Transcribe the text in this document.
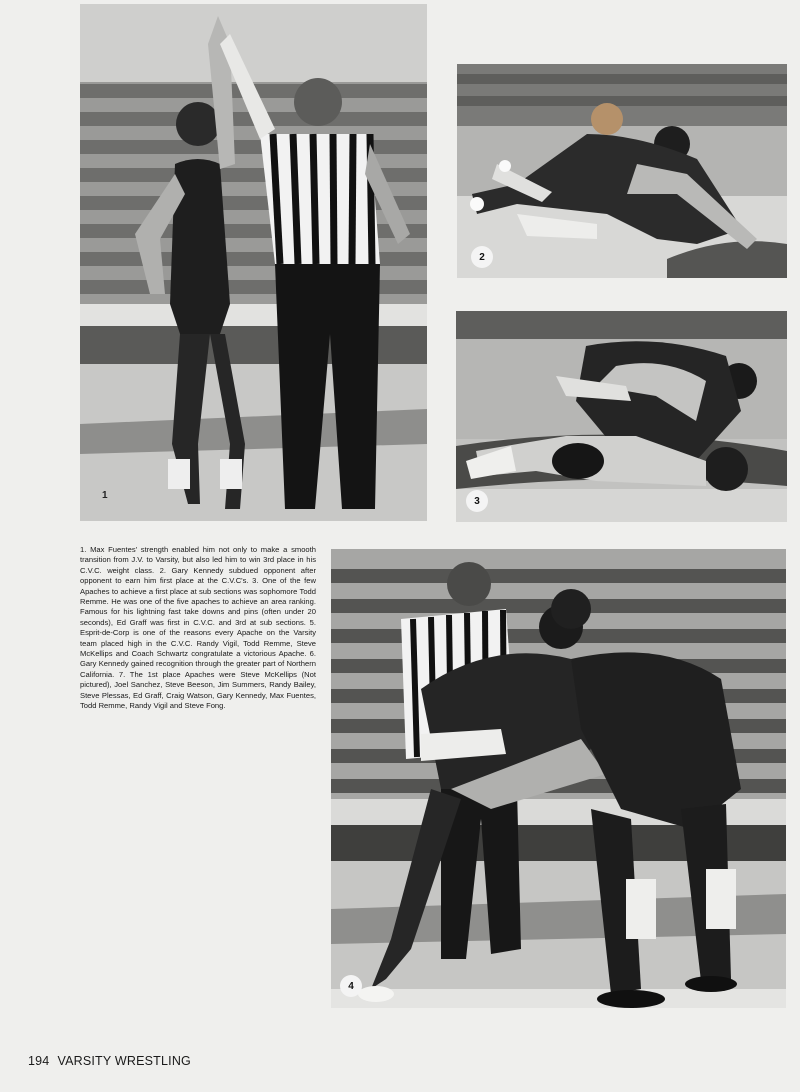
1
2
3

1. Max Fuentes' strength enabled him not only to make a smooth transition from J.V. to Varsity, but also led him to win 3rd place in his C.V.C. weight class. 2. Gary Kennedy subdued opponent after opponent to earn him first place at the C.V.C's. 3. One of the few Apaches to achieve a first place at sub sections was sophomore Todd Remme. He was one of the five apaches to achieve an area ranking. Famous for his lightning fast take downs and pins (often under 20 seconds), Ed Graff was first in C.V.C. and 3rd at sub sections. 5. Esprit-de-Corp is one of the reasons every Apache on the Varsity team placed high in the C.V.C. Randy Vigil, Todd Remme, Steve McKellips and Coach Schwartz congratulate a victorious Apache. 6. Gary Kennedy gained recognition through the greater part of Northern California. 7. The 1st place Apaches were Steve McKellips (Not pictured), Joel Sanchez, Steve Beeson, Jim Summers, Randy Bailey, Steve Plessas, Ed Graff, Craig Watson, Gary Kennedy, Max Fuentes, Todd Remme, Randy Vigil and Steve Fong.

4
194 VARSITY WRESTLING
